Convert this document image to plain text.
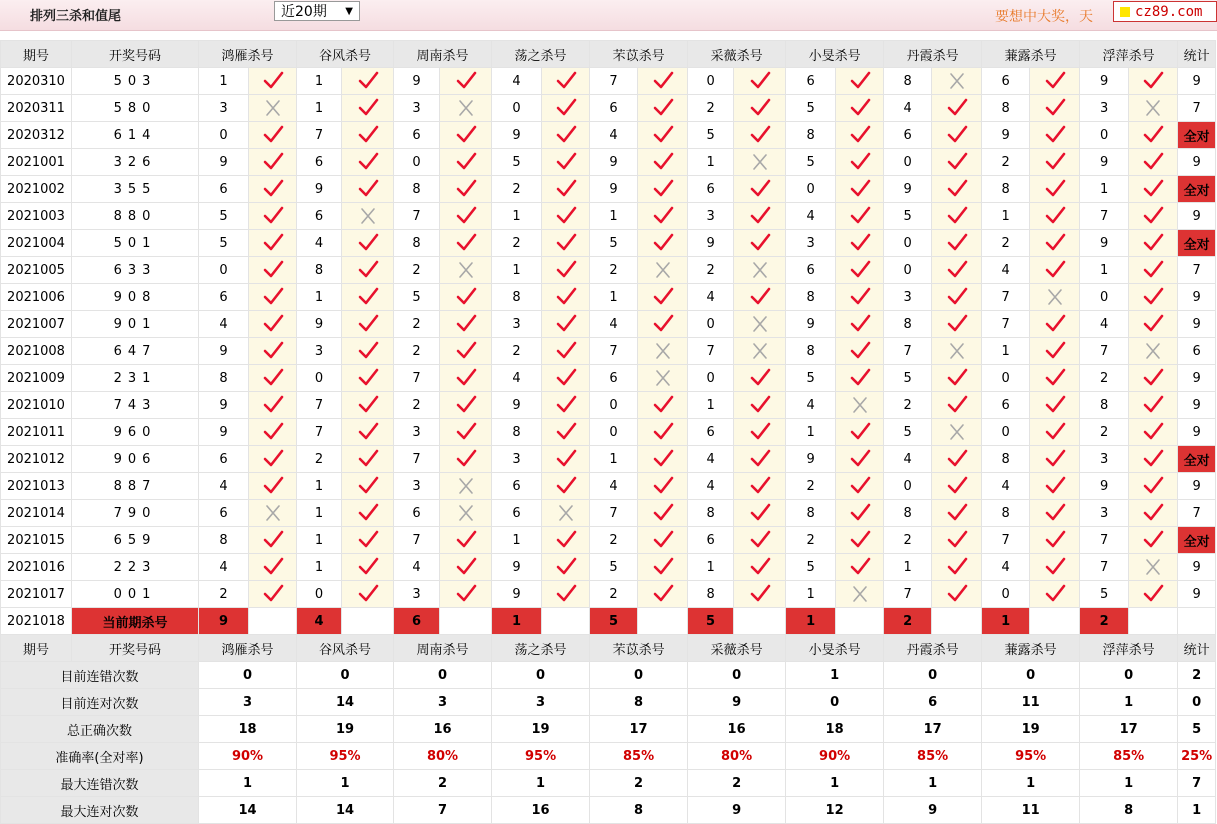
排列三杀和值尾	近20期 ▼	要想中大奖，天	cz89.com
期号	开奖号码	鸿雁杀号		谷风杀号		周南杀号		荡之杀号		芣苡杀号		采薇杀号		小旻杀号		丹霞杀号		蒹露杀号		浮萍杀号		统计
2020310	503	1		1		9		4		7		0		6		8		6		9		9
2020311	580	3		1		3		0		6		2		5		4		8		3		7
2020312	614	0		7		6		9		4		5		8		6		9		0		全对
2021001	326	9		6		0		5		9		1		5		0		2		9		9
2021002	355	6		9		8		2		9		6		0		9		8		1		全对
2021003	880	5		6		7		1		1		3		4		5		1		7		9
2021004	501	5		4		8		2		5		9		3		0		2		9		全对
2021005	633	0		8		2		1		2		2		6		0		4		1		7
2021006	908	6		1		5		8		1		4		8		3		7		0		9
2021007	901	4		9		2		3		4		0		9		8		7		4		9
2021008	647	9		3		2		2		7		7		8		7		1		7		6
2021009	231	8		0		7		4		6		0		5		5		0		2		9
2021010	743	9		7		2		9		0		1		4		2		6		8		9
2021011	960	9		7		3		8		0		6		1		5		0		2		9
2021012	906	6		2		7		3		1		4		9		4		8		3		全对
2021013	887	4		1		3		6		4		4		2		0		4		9		9
2021014	790	6		1		6		6		7		8		8		8		8		3		7
2021015	659	8		1		7		1		2		6		2		2		7		7		全对
2021016	223	4		1		4		9		5		1		5		1		4		7		9
2021017	001	2		0		3		9		2		8		1		7		0		5		9
2021018	当前期杀号	9		4		6		1		5		5		1		2		1		2		
期号	开奖号码	鸿雁杀号		谷风杀号		周南杀号		荡之杀号		芣苡杀号		采薇杀号		小旻杀号		丹霞杀号		蒹露杀号		浮萍杀号		统计
目前连错次数		0		0		0		0		0		0		1		0		0		0		2
目前连对次数		3		14		3		3		8		9		0		6		11		1		0
总正确次数		18		19		16		19		17		16		18		17		19		17		5
准确率(全对率)		90%		95%		80%		95%		85%		80%		90%		85%		95%		85%		25%
最大连错次数		1		1		2		1		2		2		1		1		1		1		7
最大连对次数		14		14		7		16		8		9		12		9		11		8		1
